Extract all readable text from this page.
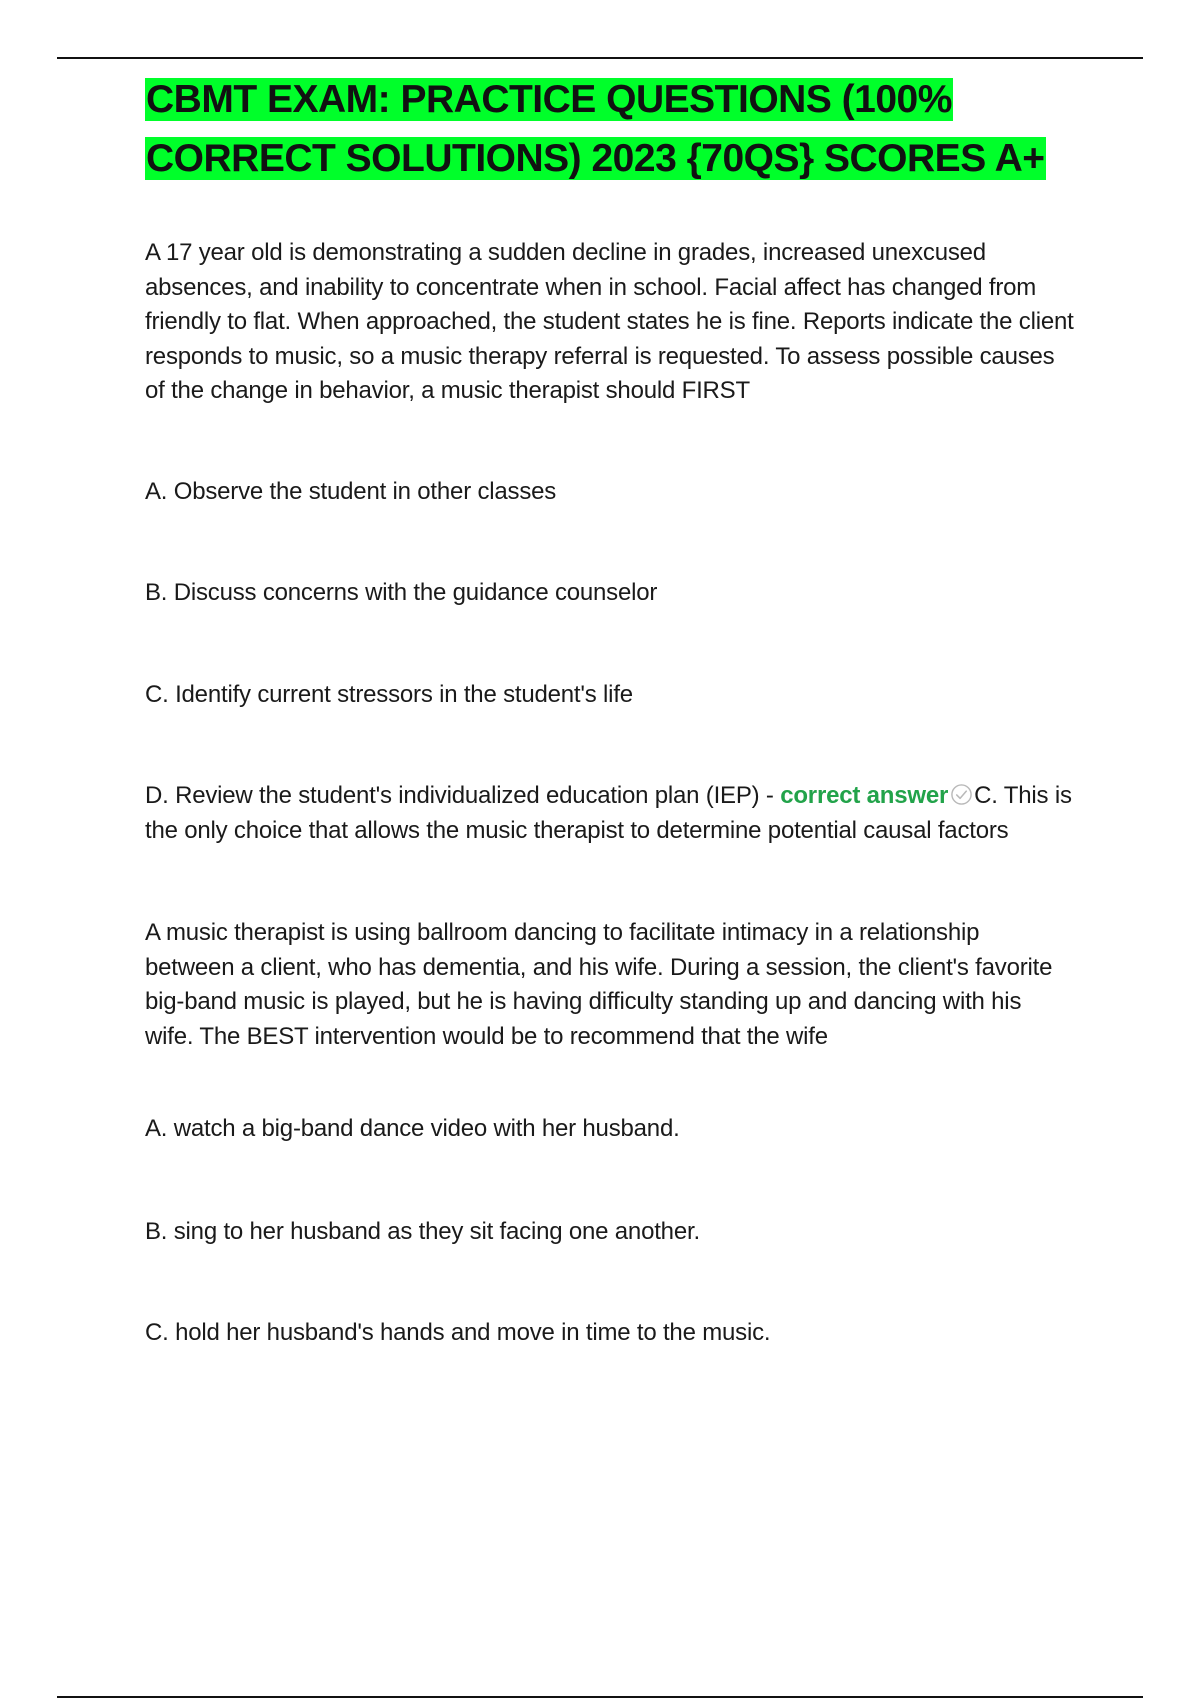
CBMT EXAM: PRACTICE QUESTIONS (100%
CORRECT SOLUTIONS) 2023 {70QS} SCORES A+

A 17 year old is demonstrating a sudden decline in grades, increased unexcused absences, and inability to concentrate when in school. Facial affect has changed from friendly to flat. When approached, the student states he is fine. Reports indicate the client responds to music, so a music therapy referral is requested. To assess possible causes of the change in behavior, a music therapist should FIRST

A. Observe the student in other classes

B. Discuss concerns with the guidance counselor

C. Identify current stressors in the student's life

D. Review the student's individualized education plan (IEP) - correct answer C. This is the only choice that allows the music therapist to determine potential causal factors

A music therapist is using ballroom dancing to facilitate intimacy in a relationship between a client, who has dementia, and his wife. During a session, the client's favorite big-band music is played, but he is having difficulty standing up and dancing with his wife. The BEST intervention would be to recommend that the wife

A. watch a big-band dance video with her husband.

B. sing to her husband as they sit facing one another.

C. hold her husband's hands and move in time to the music.
